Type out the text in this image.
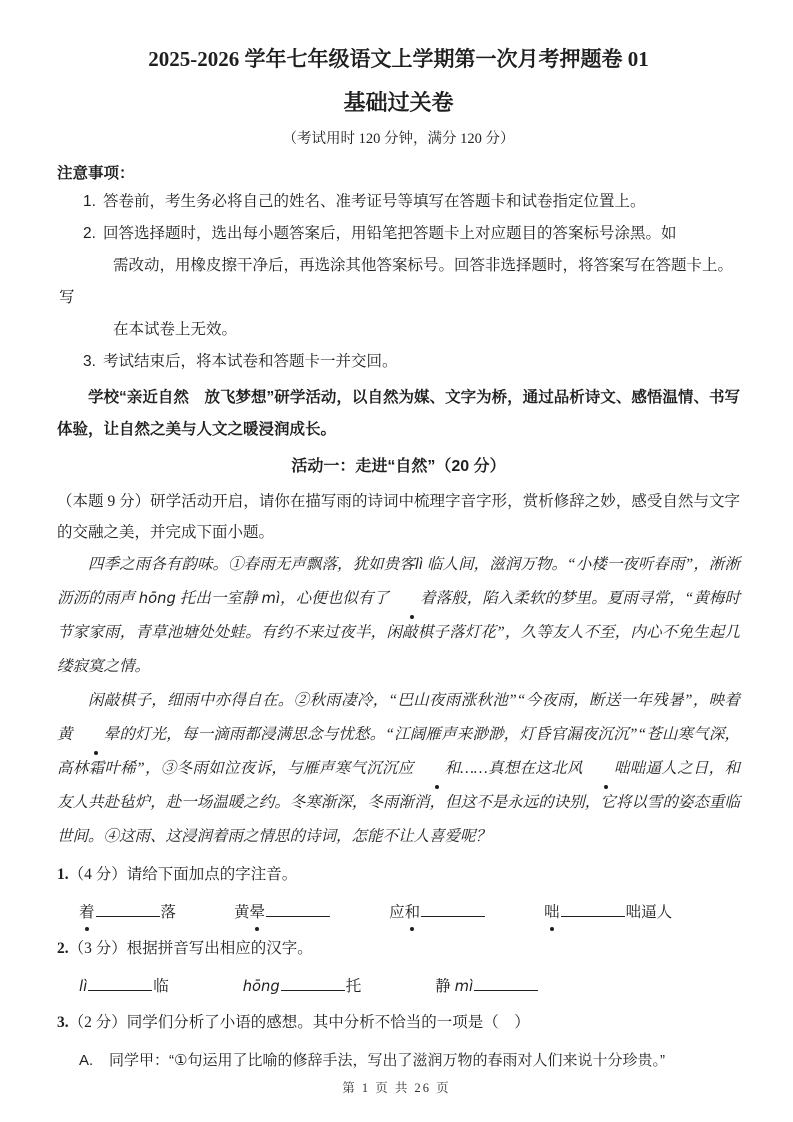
2025-2026 学年七年级语文上学期第一次月考押题卷 01
基础过关卷
（考试用时 120 分钟，满分 120 分）
注意事项：
1. 答卷前，考生务必将自己的姓名、准考证号等填写在答题卡和试卷指定位置上。
2. 回答选择题时，选出每小题答案后，用铅笔把答题卡上对应题目的答案标号涂黑。如
需改动，用橡皮擦干净后，再选涂其他答案标号。回答非选择题时，将答案写在答题卡上。
写
在本试卷上无效。
3. 考试结束后，将本试卷和答题卡一并交回。
学校“亲近自然　放飞梦想”研学活动，以自然为媒、文字为桥，通过品析诗文、感悟温情、书写体验，让自然之美与人文之暖浸润成长。
活动一：走进“自然”（20 分）
（本题 9 分）研学活动开启，请你在描写雨的诗词中梳理字音字形，赏析修辞之妙，感受自然与文字的交融之美，并完成下面小题。

四季之雨各有韵味。①春雨无声飘落，犹如贵客lì 临人间，滋润万物。“小楼一夜听春雨”，淅淅沥沥的雨声 hōng 托出一室静 mì，心便也似有了 着落般，陷入柔软的梦里。夏雨寻常，“黄梅时节家家雨，青草池塘处处蛙。有约不来过夜半，闲敲棋子落灯花”，久等友人不至，内心不免生起几缕寂寞之情。

闲敲棋子，细雨中亦得自在。②秋雨凄冷，“巴山夜雨涨秋池”“今夜雨，断送一年残暑”，映着黄 晕的灯光，每一滴雨都浸满思念与忧愁。“江阔雁声来渺渺，灯昏官漏夜沉沉”“苍山寒气深，高林霜叶稀”，③冬雨如泣夜诉，与雁声寒气沉沉应 和……真想在这北风 咄咄逼人之日，和友人共赴毡炉，赴一场温暖之约。冬寒渐深，冬雨渐消，但这不是永远的诀别，它将以雪的姿态重临世间。④这雨、这浸润着雨之情思的诗词，怎能不让人喜爱呢？

1.（4 分）请给下面加点的字注音。
着	落	黄晕	应和	咄	咄逼人
2.（3 分）根据拼音写出相应的汉字。
lì	临	hōng	托	静 mì
3.（2 分）同学们分析了小语的感想。其中分析不恰当的一项是（　）
A.	同学甲：“①句运用了比喻的修辞手法，写出了滋润万物的春雨对人们来说十分珍贵。”
第 1 页 共 26 页
